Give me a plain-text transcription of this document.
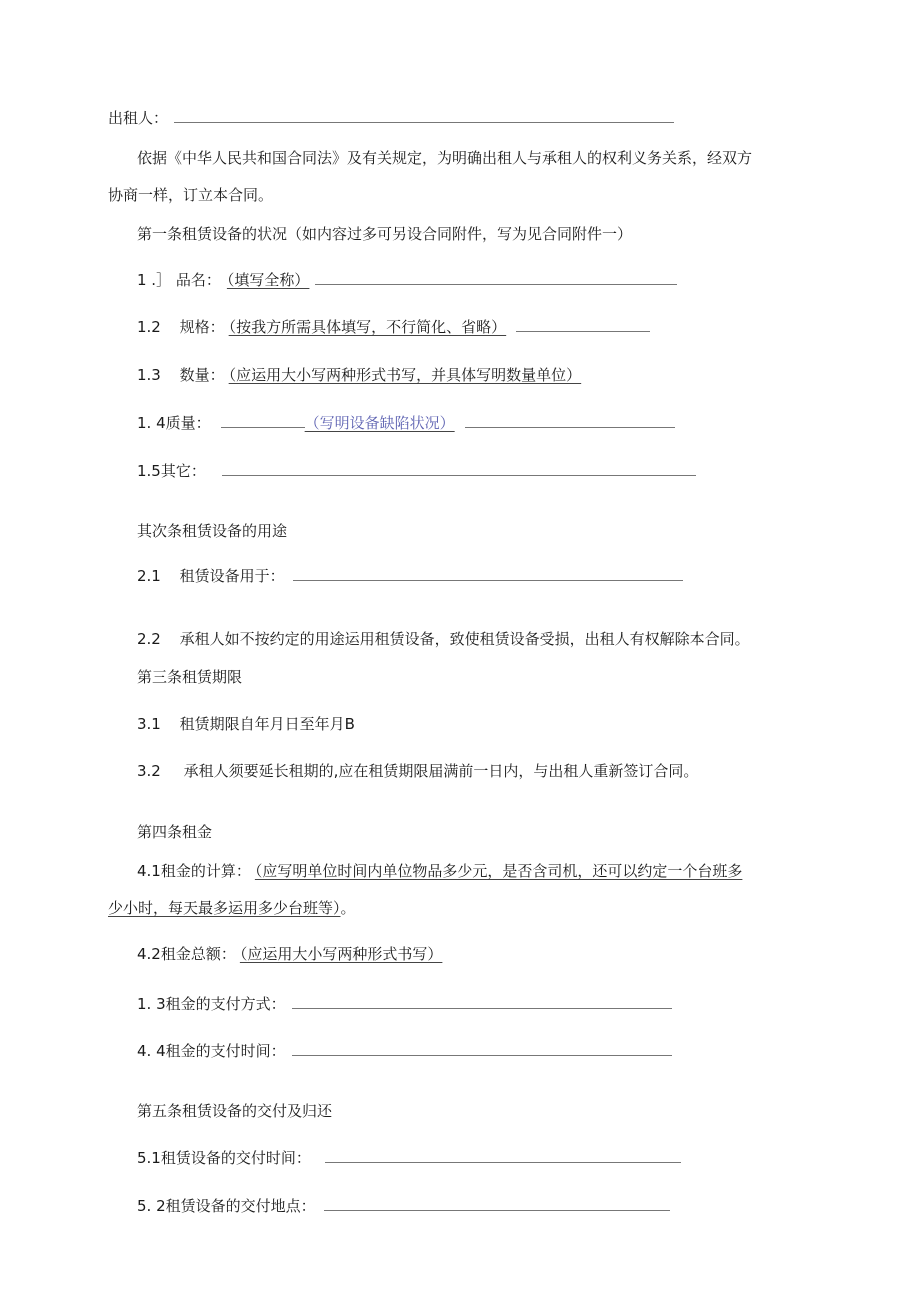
出租人：
依据《中华人民共和国合同法》及有关规定，为明确出租人与承租人的权利义务关系，经双方
协商一样，订立本合同。
第一条租赁设备的状况（如内容过多可另设合同附件，写为见合同附件一）
1 .］ 品名： （填写全称）
1.2 规格： （按我方所需具体填写，不行简化、省略）
1.3 数量： （应运用大小写两种形式书写，并具体写明数量单位）
1. 4质量：	（写明设备缺陷状况）
1.5其它：
其次条租赁设备的用途
2.1 租赁设备用于：
2.2 承租人如不按约定的用途运用租赁设备，致使租赁设备受损，出租人有权解除本合同。
第三条租赁期限
3.1 租赁期限自年月日至年月B
3.2 承租人须要延长租期的,应在租赁期限届满前一日内，与出租人重新签订合同。
第四条租金
4.1租金的计算： （应写明单位时间内单位物品多少元，是否含司机，还可以约定一个台班多
少小时，每天最多运用多少台班等）。
4.2租金总额： （应运用大小写两种形式书写）
1. 3租金的支付方式：
4. 4租金的支付时间：
第五条租赁设备的交付及归还
5.1租赁设备的交付时间：
5. 2租赁设备的交付地点：
